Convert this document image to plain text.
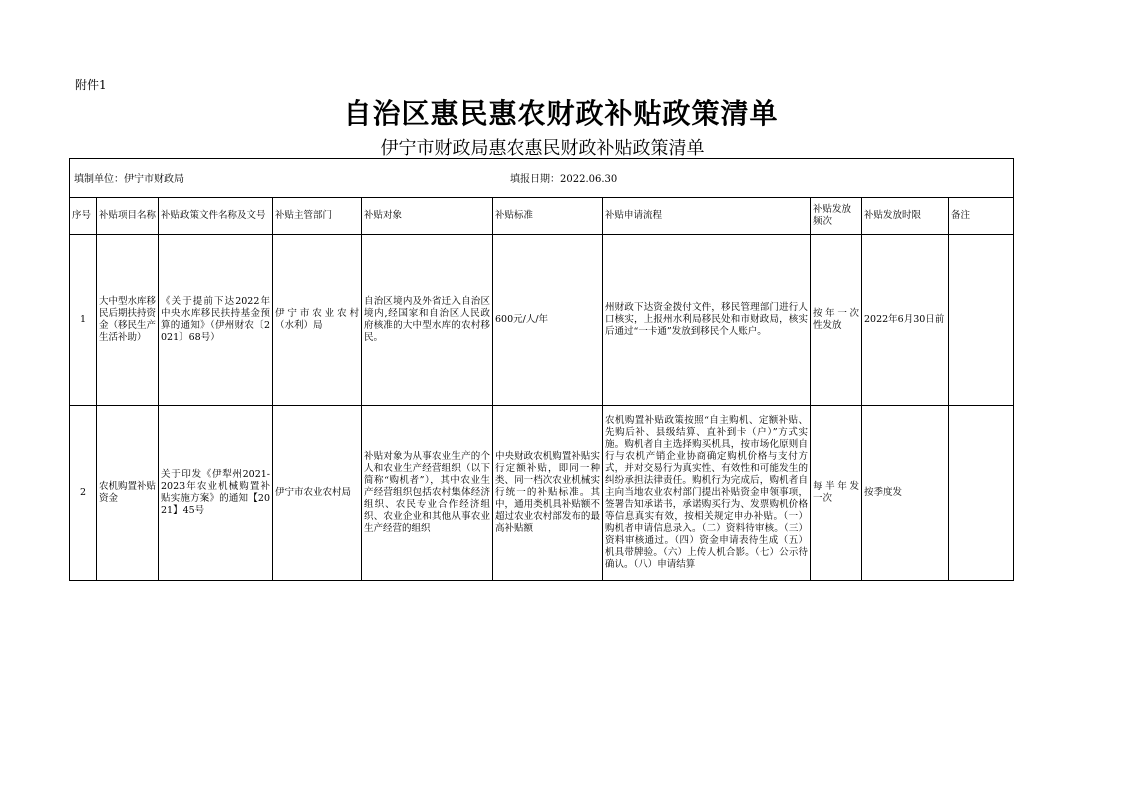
附件1
自治区惠民惠农财政补贴政策清单
伊宁市财政局惠农惠民财政补贴政策清单
填制单位：伊宁市财政局 填报日期：2022.06.30									

序号	补贴项目名称	补贴政策文件名称及文号	补贴主管部门	补贴对象	补贴标准	补贴申请流程	补贴发放频次	补贴发放时限	备注
1	大中型水库移民后期扶持资金（移民生产生活补助）	《关于提前下达2022年中央水库移民扶持基金预算的通知》（伊州财农〔2021〕68号）	伊宁市农业农村（水利）局	自治区境内及外省迁入自治区境内,经国家和自治区人民政府核准的大中型水库的农村移民。	600元/人/年	州财政下达资金拨付文件，移民管理部门进行人口核实，上报州水利局移民处和市财政局，核实后通过“一卡通”发放到移民个人账户。	按年一次性发放	2022年6月30日前	
2	农机购置补贴资金	关于印发《伊犁州2021-2023年农业机械购置补贴实施方案》的通知【2021】45号	伊宁市农业农村局	补贴对象为从事农业生产的个人和农业生产经营组织（以下简称“购机者”），其中农业生产经营组织包括农村集体经济组织、农民专业合作经济组织、农业企业和其他从事农业生产经营的组织	中央财政农机购置补贴实行定额补贴，即同一种类、同一档次农业机械实行统一的补贴标准。其中，通用类机具补贴额不超过农业农村部发布的最高补贴额	农机购置补贴政策按照“自主购机、定额补贴、先购后补、县级结算、直补到卡（户）”方式实施。购机者自主选择购买机具，按市场化原则自行与农机产销企业协商确定购机价格与支付方式，并对交易行为真实性、有效性和可能发生的纠纷承担法律责任。购机行为完成后，购机者自主向当地农业农村部门提出补贴资金申领事项，签署告知承诺书，承诺购买行为、发票购机价格等信息真实有效，按相关规定申办补贴。（一）购机者申请信息录入。（二）资料待审核。（三）资料审核通过。（四）资金申请表待生成（五）机具带牌验。（六）上传人机合影。（七）公示待确认。（八）申请结算	每半年发一次	按季度发	
